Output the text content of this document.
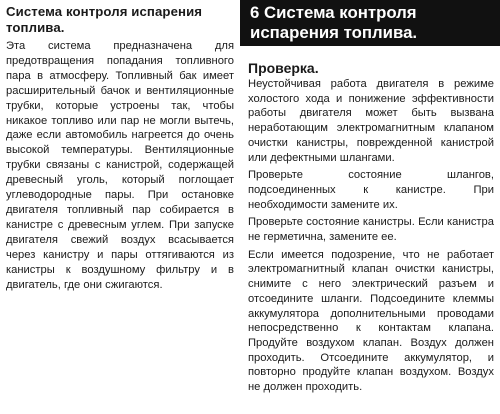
Система контроля испарения топлива.

Эта система предназначена для предотвращения попадания топливного пара в атмосферу. Топливный бак имеет расширительный бачок и вентиляционные трубки, которые устроены так, чтобы никакое топливо или пар не могли вытечь, даже если автомобиль нагреется до очень высокой температуры. Вентиляционные трубки связаны с канистрой, содержащей древесный уголь, который поглощает углеводородные пары. При остановке двигателя топливный пар собирается в канистре с древесным углем. При запуске двигателя свежий воздух всасывается через канистру и пары оттягиваются из канистры к воздушному фильтру и в двигатель, где они сжигаются.

6 Система контроля
испарения топлива.
Проверка.

Неустойчивая работа двигателя в режиме холостого хода и понижение эффективности работы двигателя может быть вызвана неработающим электромагнитным клапаном очистки канистры, поврежденной канистрой или дефектными шлангами.

Проверьте состояние шлангов, подсоединенных к канистре. При необходимости замените их.

Проверьте состояние канистры. Если канистра не герметична, замените ее.

Если имеется подозрение, что не работает электромагнитный клапан очистки канистры, снимите с него электрический разъем и отсоедините шланги. Подсоедините клеммы аккумулятора дополнительными проводами непосредственно к контактам клапана. Продуйте воздухом клапан. Воздух должен проходить. Отсоедините аккумулятор, и повторно продуйте клапан воздухом. Воздух не должен проходить.
